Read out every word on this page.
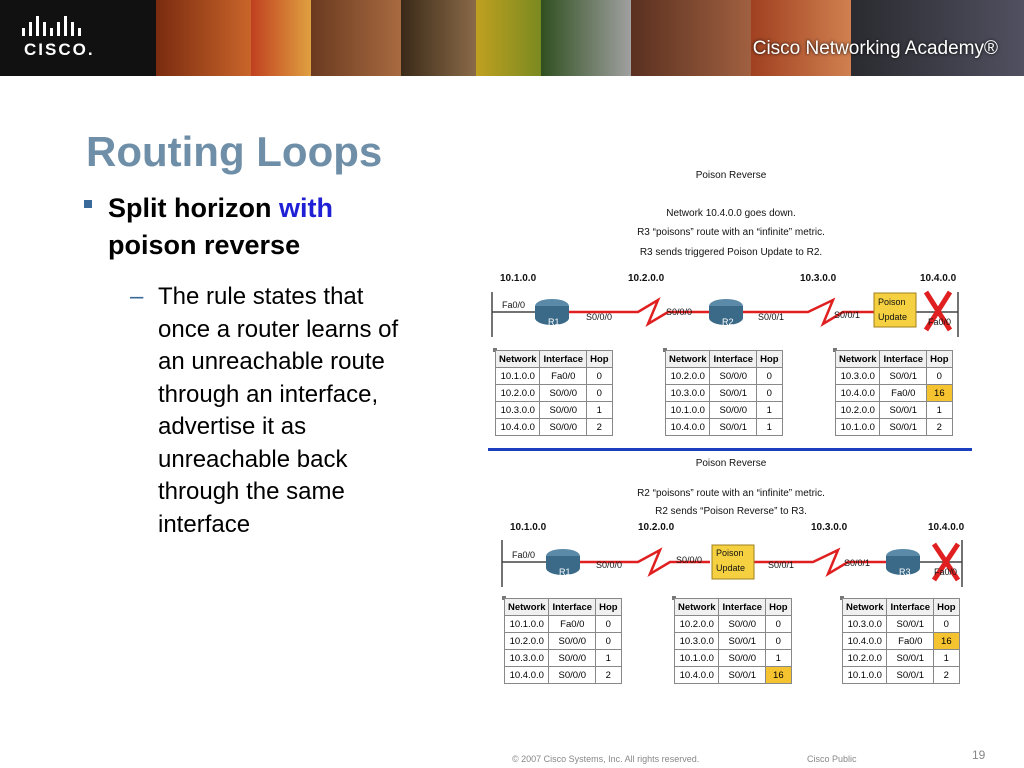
CISCO.	Cisco Networking Academy®
Routing Loops
Split horizon with
poison reverse
– The rule states that
once a router learns of
an unreachable route
through an interface,
advertise it as
unreachable back
through the same
interface
Poison Reverse
Network 10.4.0.0 goes down.
R3 “poisons” route with an “infinite” metric.
R3 sends triggered Poison Update to R2.
10.1.0.0	10.2.0.0	10.3.0.0	10.4.0.0
R1	R2
Fa0/0
S0/0/0	S0/0/0	S0/0/1	S0/0/1
Fa0/0
Poison
Update
Network	Interface	Hop
10.1.0.0	Fa0/0	0
10.2.0.0	S0/0/0	0
10.3.0.0	S0/0/0	1
10.4.0.0	S0/0/0	2
Network	Interface	Hop
10.2.0.0	S0/0/0	0
10.3.0.0	S0/0/1	0
10.1.0.0	S0/0/0	1
10.4.0.0	S0/0/1	1
Network	Interface	Hop
10.3.0.0	S0/0/1	0
10.4.0.0	Fa0/0	16
10.2.0.0	S0/0/1	1
10.1.0.0	S0/0/1	2
Poison Reverse
R2 “poisons” route with an “infinite” metric.
R2 sends “Poison Reverse” to R3.
10.1.0.0	10.2.0.0	10.3.0.0	10.4.0.0
R1	R3
Fa0/0
S0/0/0	S0/0/0	S0/0/1	S0/0/1
Fa0/0
Poison
Update
Network	Interface	Hop
10.1.0.0	Fa0/0	0
10.2.0.0	S0/0/0	0
10.3.0.0	S0/0/0	1
10.4.0.0	S0/0/0	2
Network	Interface	Hop
10.2.0.0	S0/0/0	0
10.3.0.0	S0/0/1	0
10.1.0.0	S0/0/0	1
10.4.0.0	S0/0/1	16
Network	Interface	Hop
10.3.0.0	S0/0/1	0
10.4.0.0	Fa0/0	16
10.2.0.0	S0/0/1	1
10.1.0.0	S0/0/1	2
© 2007 Cisco Systems, Inc. All rights reserved.	Cisco Public	19
